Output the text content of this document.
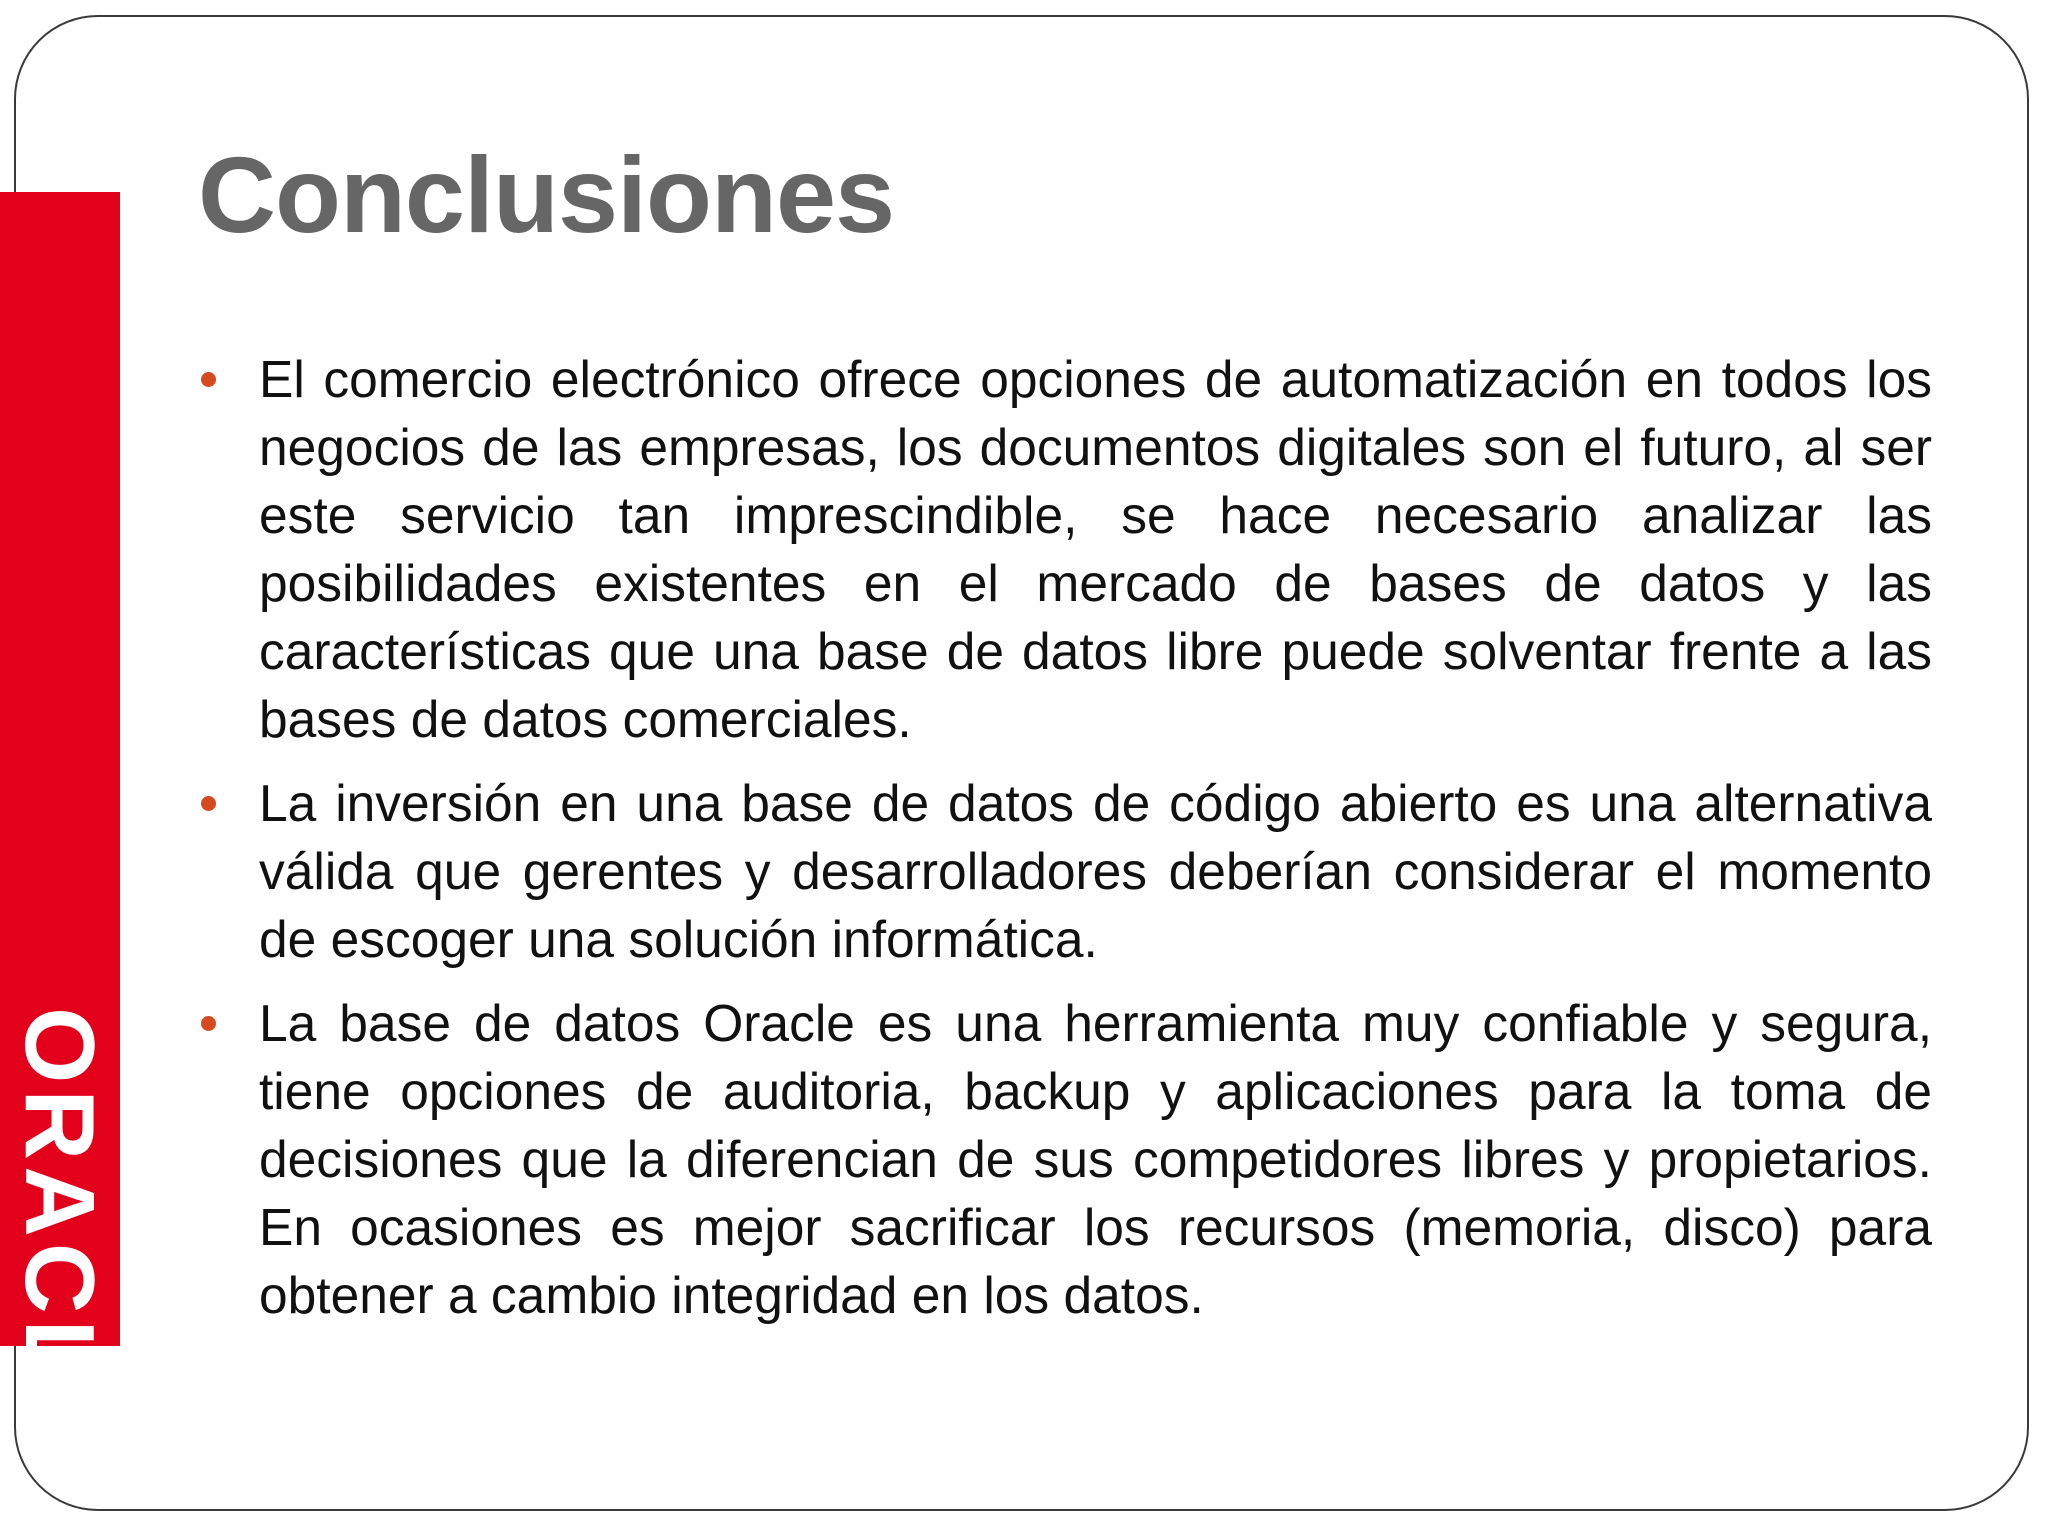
ORACLE
®
Conclusiones
El comercio electrónico ofrece opciones de automatización en todos los negocios de las empresas, los documentos digitales son el futuro, al ser este servicio tan imprescindible, se hace necesario analizar las posibilidades existentes en el mercado de bases de datos y las características que una base de datos libre puede solventar frente a las bases de datos comerciales.
La inversión en una base de datos de código abierto es una alternativa válida que gerentes y desarrolladores deberían considerar el momento de escoger una solución informática.
La base de datos Oracle es una herramienta muy confiable y segura, tiene opciones de auditoria, backup y aplicaciones para la toma de decisiones que la diferencian de sus competidores libres y propietarios. En ocasiones es mejor sacrificar los recursos (memoria, disco) para obtener a cambio integridad en los datos.
